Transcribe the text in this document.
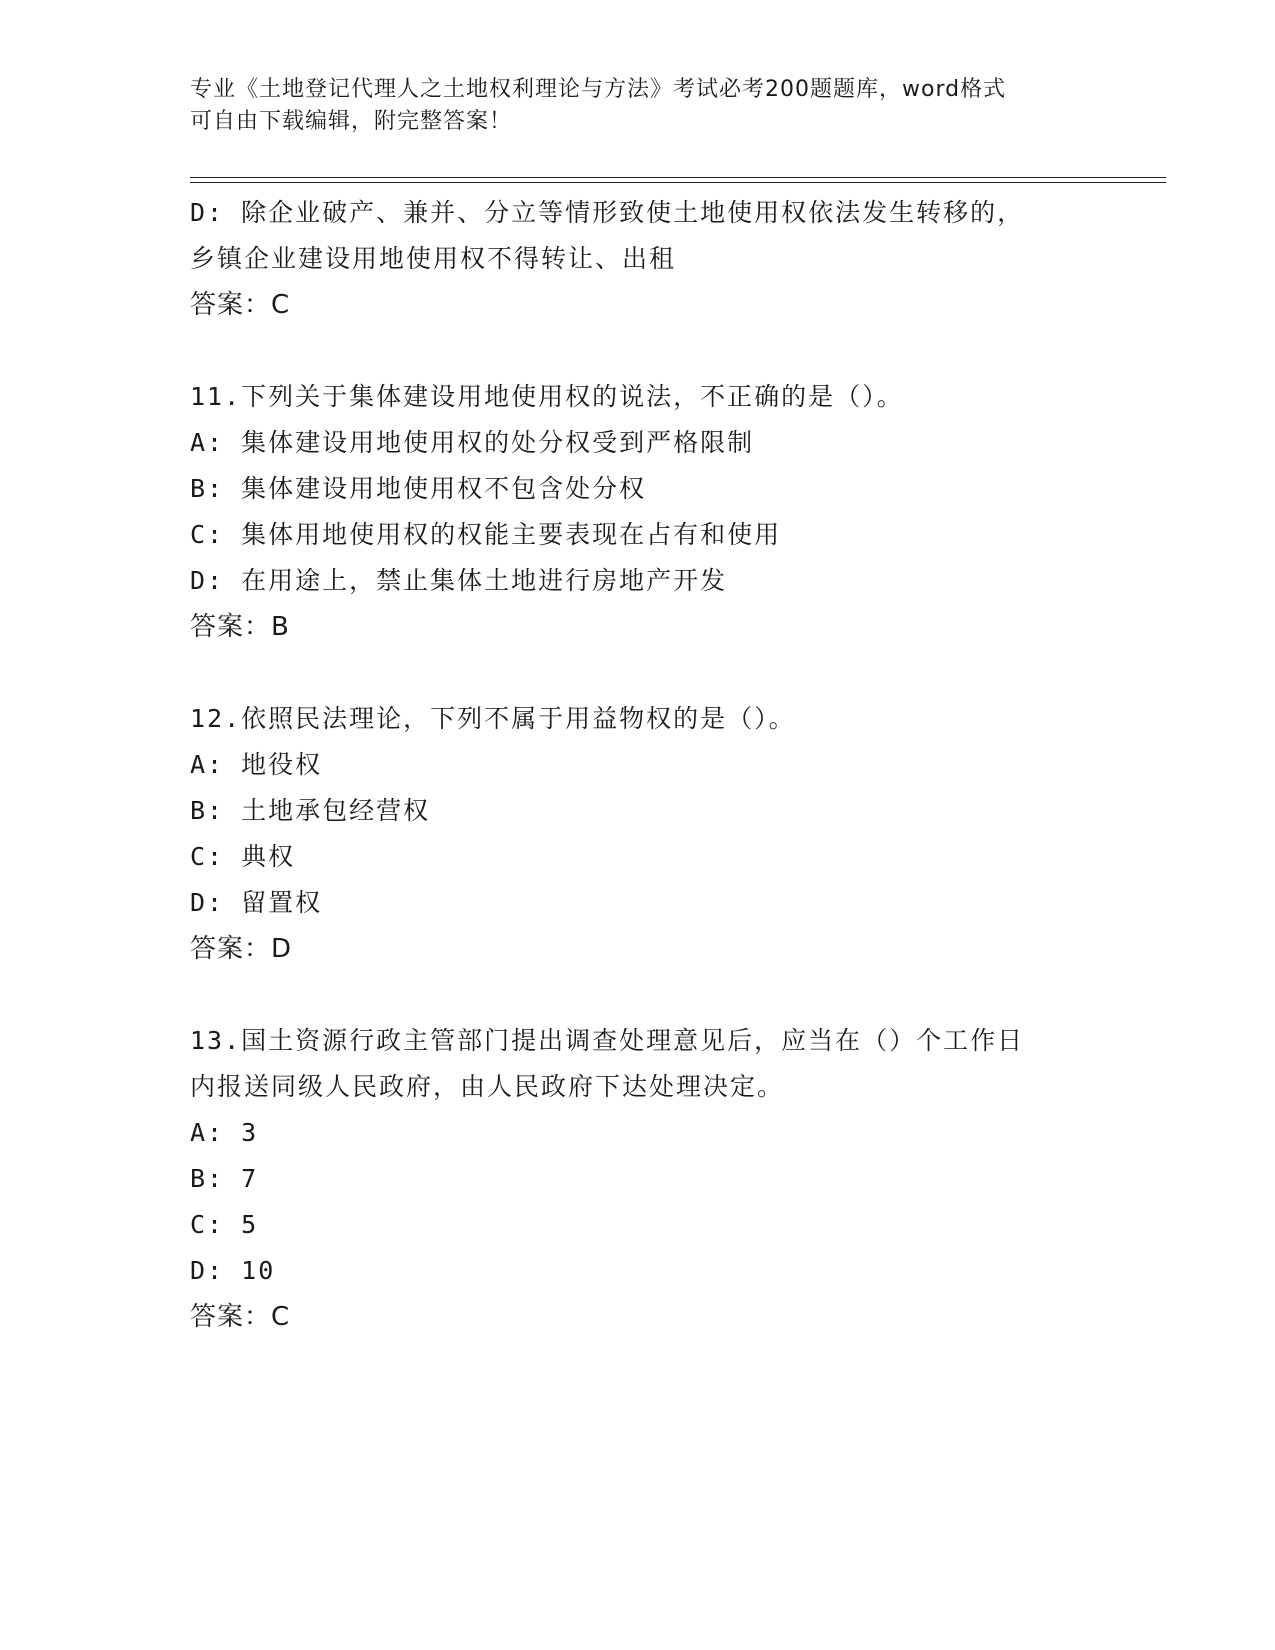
专业《土地登记代理人之土地权利理论与方法》考试必考200题题库，word格式
可自由下载编辑，附完整答案！
D: 除企业破产、兼并、分立等情形致使土地使用权依法发生转移的，
乡镇企业建设用地使用权不得转让、出租
答案：C
11.下列关于集体建设用地使用权的说法，不正确的是（）。
A: 集体建设用地使用权的处分权受到严格限制
B: 集体建设用地使用权不包含处分权
C: 集体用地使用权的权能主要表现在占有和使用
D: 在用途上，禁止集体土地进行房地产开发
答案：B
12.依照民法理论，下列不属于用益物权的是（）。
A: 地役权
B: 土地承包经营权
C: 典权
D: 留置权
答案：D
13.国土资源行政主管部门提出调查处理意见后，应当在（）个工作日
内报送同级人民政府，由人民政府下达处理决定。
A: 3
B: 7
C: 5
D: 10
答案：C
